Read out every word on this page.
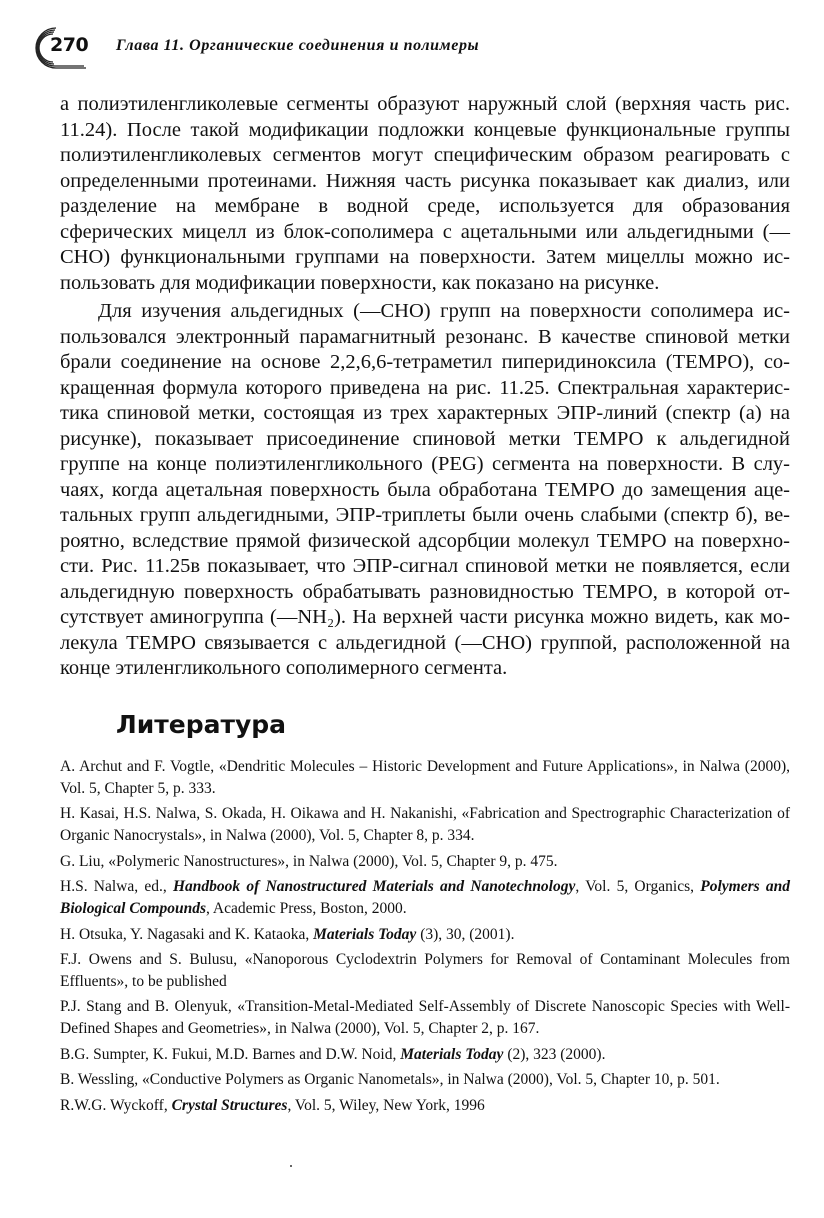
270 Глава 11. Органические соединения и полимеры

а полиэтиленгликолевые сегменты образуют наружный слой (верхняя часть рис. 11.24). После такой модификации подложки концевые функциональные группы полиэтиленгликолевых сегментов могут специфическим образом реагировать с определенными протеинами. Нижняя часть рисунка показывает как диализ, или разделение на мембране в водной среде, используется для образования сферических мицелл из блок-сополимера с ацетальными или альдегидными (—СНО) функциональными группами на поверхности. Затем мицеллы можно использовать для модификации поверхности, как показано на рисунке.

Для изучения альдегидных (—СНО) групп на поверхности сополимера использовался электронный парамагнитный резонанс. В качестве спиновой метки брали соединение на основе 2,2,6,6-тетраметил пиперидиноксила (ТЕМРО), сокращенная формула которого приведена на рис. 11.25. Спектральная характеристика спиновой метки, состоящая из трех характерных ЭПР-линий (спектр (а) на рисунке), показывает присоединение спиновой метки ТЕМРО к альдегидной группе на конце полиэтиленгликольного (PEG) сегмента на поверхности. В случаях, когда ацетальная поверхность была обработана ТЕМРО до замещения ацетальных групп альдегидными, ЭПР-триплеты были очень слабыми (спектр б), вероятно, вследствие прямой физической адсорбции молекул ТЕМРО на поверхности. Рис. 11.25в показывает, что ЭПР-сигнал спиновой метки не появляется, если альдегидную поверхность обрабатывать разновидностью ТЕМРО, в которой отсутствует аминогруппа (—NH₂). На верхней части рисунка можно видеть, как молекула ТЕМРО связывается с альдегидной (—СНО) группой, расположенной на конце этиленгликольного сополимерного сегмента.

Литература
A. Archut and F. Vogtle, «Dendritic Molecules – Historic Development and Future Applications», in Nalwa (2000), Vol. 5, Chapter 5, p. 333.
H. Kasai, H.S. Nalwa, S. Okada, H. Oikawa and H. Nakanishi, «Fabrication and Spectrographic Characterization of Organic Nanocrystals», in Nalwa (2000), Vol. 5, Chapter 8, p. 334.
G. Liu, «Polymeric Nanostructures», in Nalwa (2000), Vol. 5, Chapter 9, p. 475.
H.S. Nalwa, ed., Handbook of Nanostructured Materials and Nanotechnology, Vol. 5, Organics, Polymers and Biological Compounds, Academic Press, Boston, 2000.
H. Otsuka, Y. Nagasaki and K. Kataoka, Materials Today (3), 30, (2001).
F.J. Owens and S. Bulusu, «Nanoporous Cyclodextrin Polymers for Removal of Contaminant Molecules from Effluents», to be published
P.J. Stang and B. Olenyuk, «Transition-Metal-Mediated Self-Assembly of Discrete Nanoscopic Species with Well-Defined Shapes and Geometries», in Nalwa (2000), Vol. 5, Chapter 2, p. 167.
B.G. Sumpter, K. Fukui, M.D. Barnes and D.W. Noid, Materials Today (2), 323 (2000).
B. Wessling, «Conductive Polymers as Organic Nanometals», in Nalwa (2000), Vol. 5, Chapter 10, p. 501.
R.W.G. Wyckoff, Crystal Structures, Vol. 5, Wiley, New York, 1996
